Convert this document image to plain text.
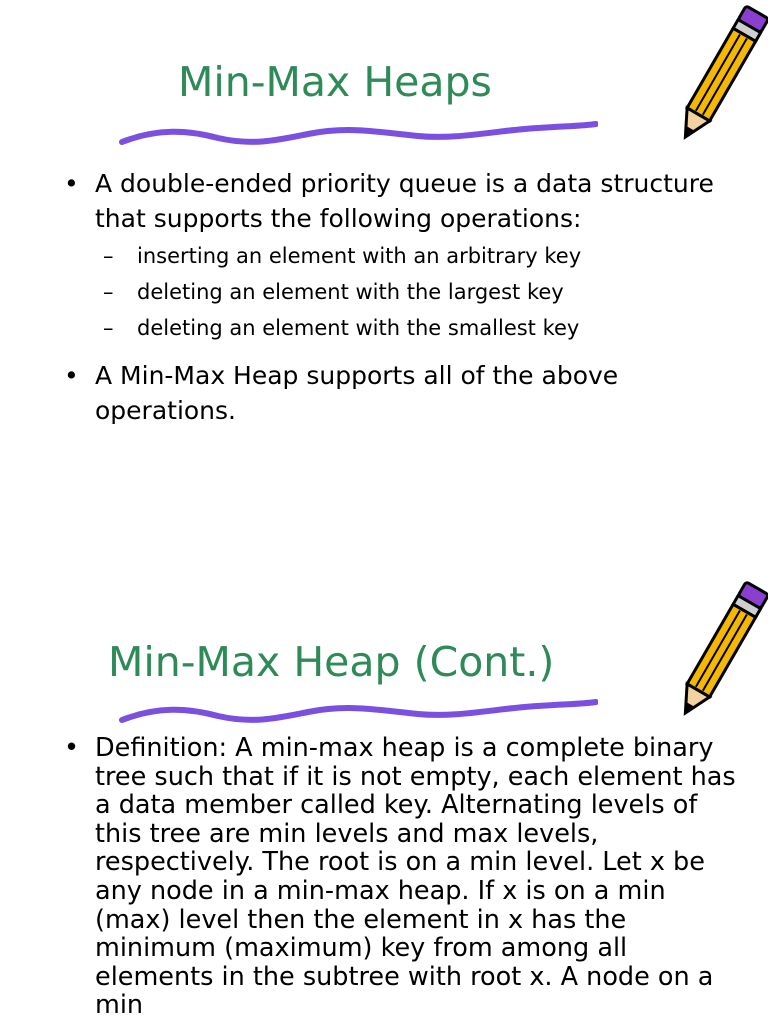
Min-Max Heaps
• A double-ended priority queue is a data structure that supports the following operations:
– inserting an element with an arbitrary key
– deleting an element with the largest key
– deleting an element with the smallest key
• A Min-Max Heap supports all of the above operations.
Min-Max Heap (Cont.)
• Definition: A min-max heap is a complete binary tree such that if it is not empty, each element has a data member called key. Alternating levels of this tree are min levels and max levels, respectively. The root is on a min level. Let x be any node in a min-max heap. If x is on a min (max) level then the element in x has the minimum (maximum) key from among all elements in the subtree with root x. A node on a min
